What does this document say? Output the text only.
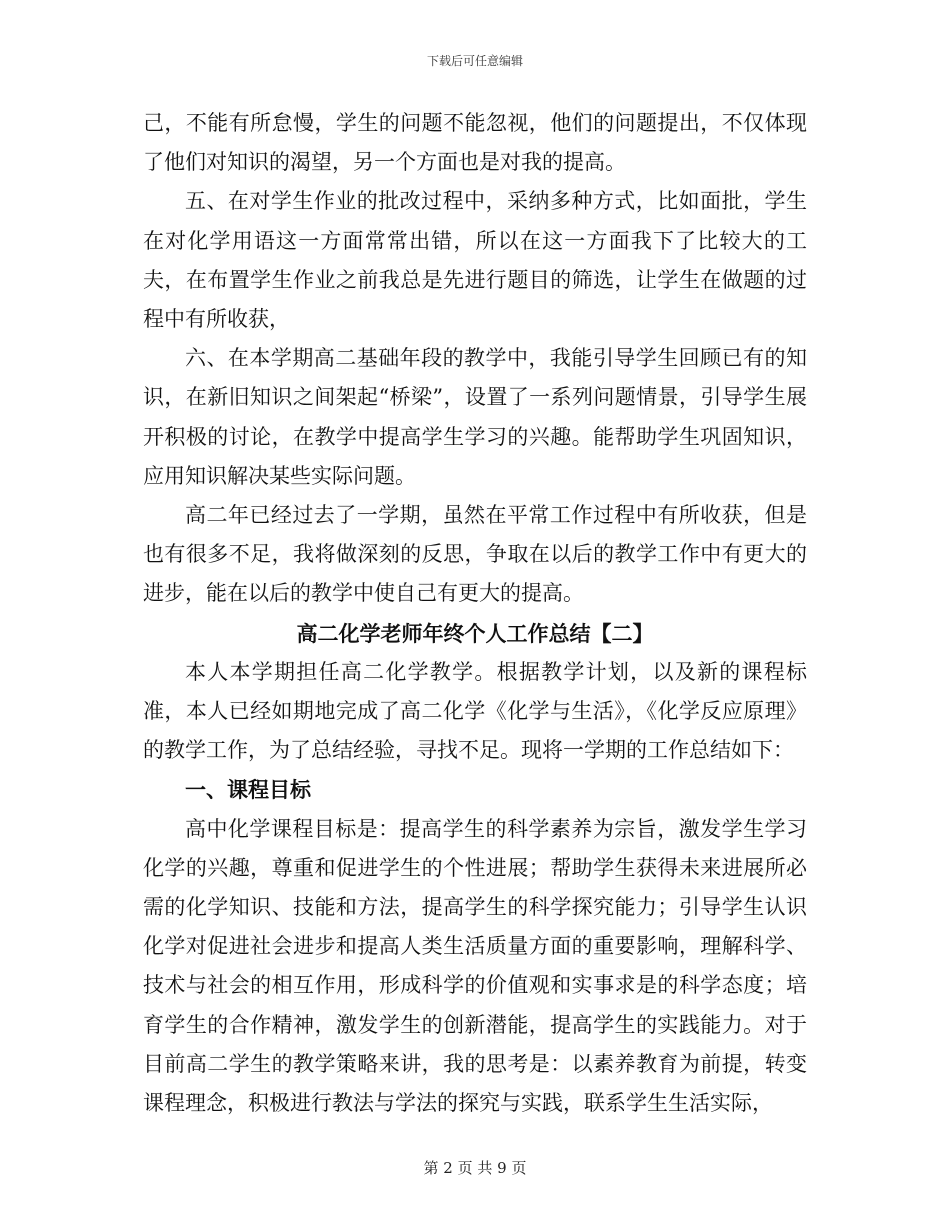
下载后可任意编辑

己，不能有所怠慢，学生的问题不能忽视，他们的问题提出，不仅体现了他们对知识的渴望，另一个方面也是对我的提高。

五、在对学生作业的批改过程中，采纳多种方式，比如面批，学生在对化学用语这一方面常常出错，所以在这一方面我下了比较大的工夫，在布置学生作业之前我总是先进行题目的筛选，让学生在做题的过程中有所收获，

六、在本学期高二基础年段的教学中，我能引导学生回顾已有的知识，在新旧知识之间架起“桥梁”，设置了一系列问题情景，引导学生展开积极的讨论，在教学中提高学生学习的兴趣。能帮助学生巩固知识，应用知识解决某些实际问题。

高二年已经过去了一学期，虽然在平常工作过程中有所收获，但是也有很多不足，我将做深刻的反思，争取在以后的教学工作中有更大的进步，能在以后的教学中使自己有更大的提高。

高二化学老师年终个人工作总结【二】

本人本学期担任高二化学教学。根据教学计划，以及新的课程标准，本人已经如期地完成了高二化学《化学与生活》，《化学反应原理》的教学工作，为了总结经验，寻找不足。现将一学期的工作总结如下：

一、课程目标

高中化学课程目标是：提高学生的科学素养为宗旨，激发学生学习化学的兴趣，尊重和促进学生的个性进展；帮助学生获得未来进展所必需的化学知识、技能和方法，提高学生的科学探究能力；引导学生认识化学对促进社会进步和提高人类生活质量方面的重要影响，理解科学、技术与社会的相互作用，形成科学的价值观和实事求是的科学态度；培育学生的合作精神，激发学生的创新潜能，提高学生的实践能力。对于目前高二学生的教学策略来讲，我的思考是：以素养教育为前提，转变课程理念，积极进行教法与学法的探究与实践，联系学生生活实际，

第 2 页 共 9 页
